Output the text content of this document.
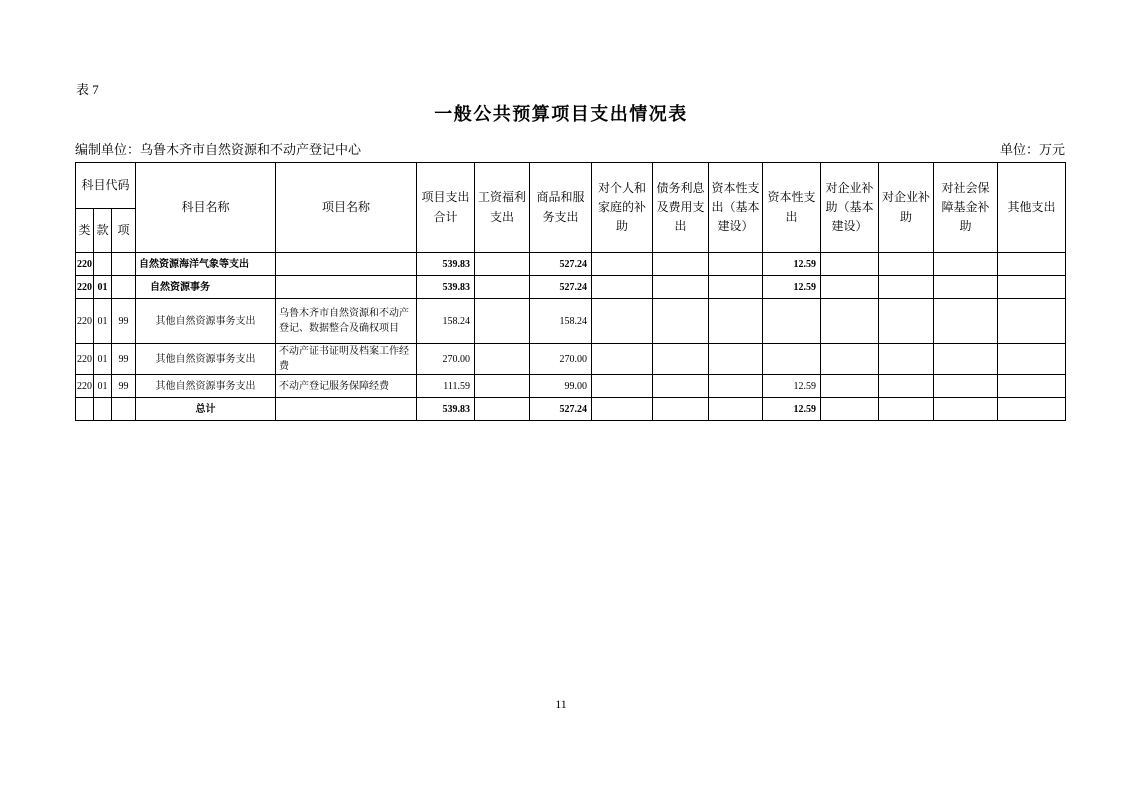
表 7
一般公共预算项目支出情况表
编制单位：乌鲁木齐市自然资源和不动产登记中心	单位：万元
科目代码			科目名称	项目名称	项目支出合计	工资福利支出	商品和服务支出	对个人和家庭的补助	债务利息及费用支出	资本性支出（基本建设）	资本性支出	对企业补助（基本建设）	对企业补助	对社会保障基金补助	其他支出
类	款	项													
220			自然资源海洋气象等支出		539.83		527.24				12.59				
220	01		自然资源事务		539.83		527.24				12.59				
220	01	99	其他自然资源事务支出	乌鲁木齐市自然资源和不动产登记、数据整合及确权项目	158.24		158.24								
220	01	99	其他自然资源事务支出	不动产证书证明及档案工作经费	270.00		270.00								
220	01	99	其他自然资源事务支出	不动产登记服务保障经费	111.59		99.00				12.59				
			总计		539.83		527.24				12.59				
11
